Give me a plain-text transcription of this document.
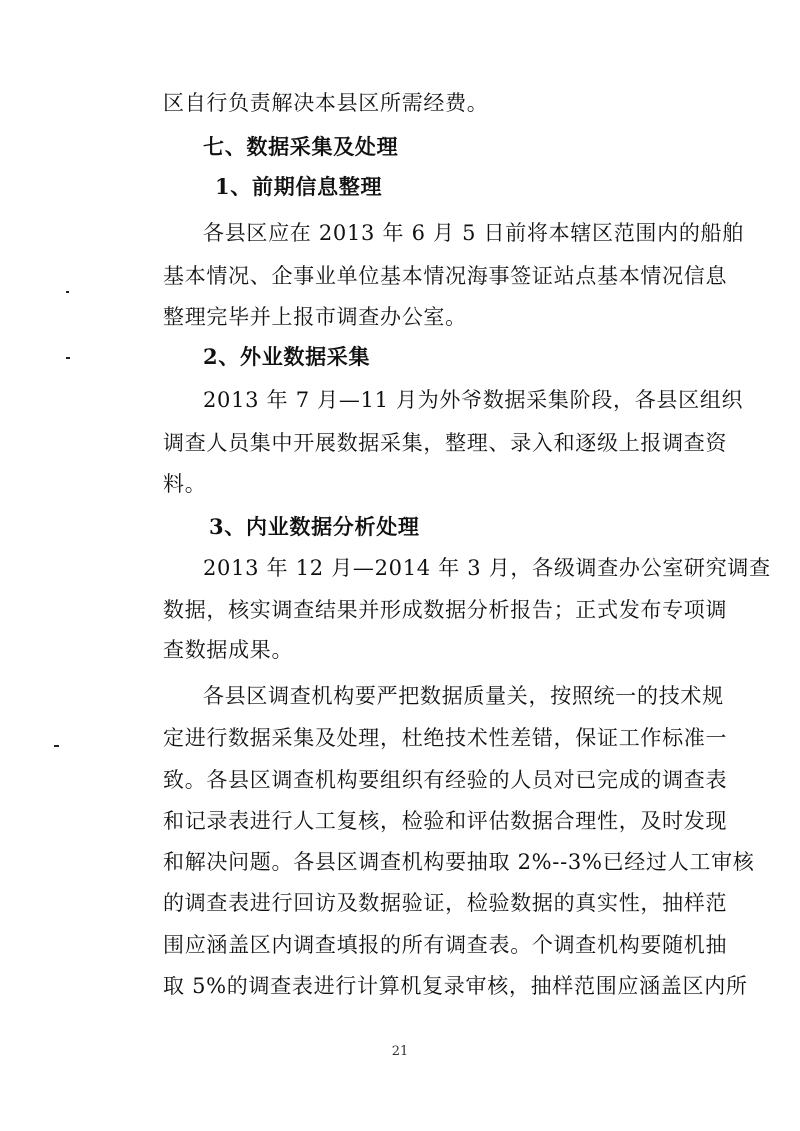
区自行负责解决本县区所需经费。
七、数据采集及处理
1、前期信息整理
各县区应在 2013 年 6 月 5 日前将本辖区范围内的船舶
基本情况、企事业单位基本情况海事签证站点基本情况信息
整理完毕并上报市调查办公室。
2、外业数据采集
2013 年 7 月—11 月为外爷数据采集阶段，各县区组织
调查人员集中开展数据采集，整理、录入和逐级上报调查资
料。
3、内业数据分析处理
2013 年 12 月—2014 年 3 月，各级调查办公室研究调查
数据，核实调查结果并形成数据分析报告；正式发布专项调
查数据成果。
各县区调查机构要严把数据质量关，按照统一的技术规
定进行数据采集及处理，杜绝技术性差错，保证工作标准一
致。各县区调查机构要组织有经验的人员对已完成的调查表
和记录表进行人工复核，检验和评估数据合理性，及时发现
和解决问题。各县区调查机构要抽取 2%--3%已经过人工审核
的调查表进行回访及数据验证，检验数据的真实性，抽样范
围应涵盖区内调查填报的所有调查表。个调查机构要随机抽
取 5%的调查表进行计算机复录审核，抽样范围应涵盖区内所
21
